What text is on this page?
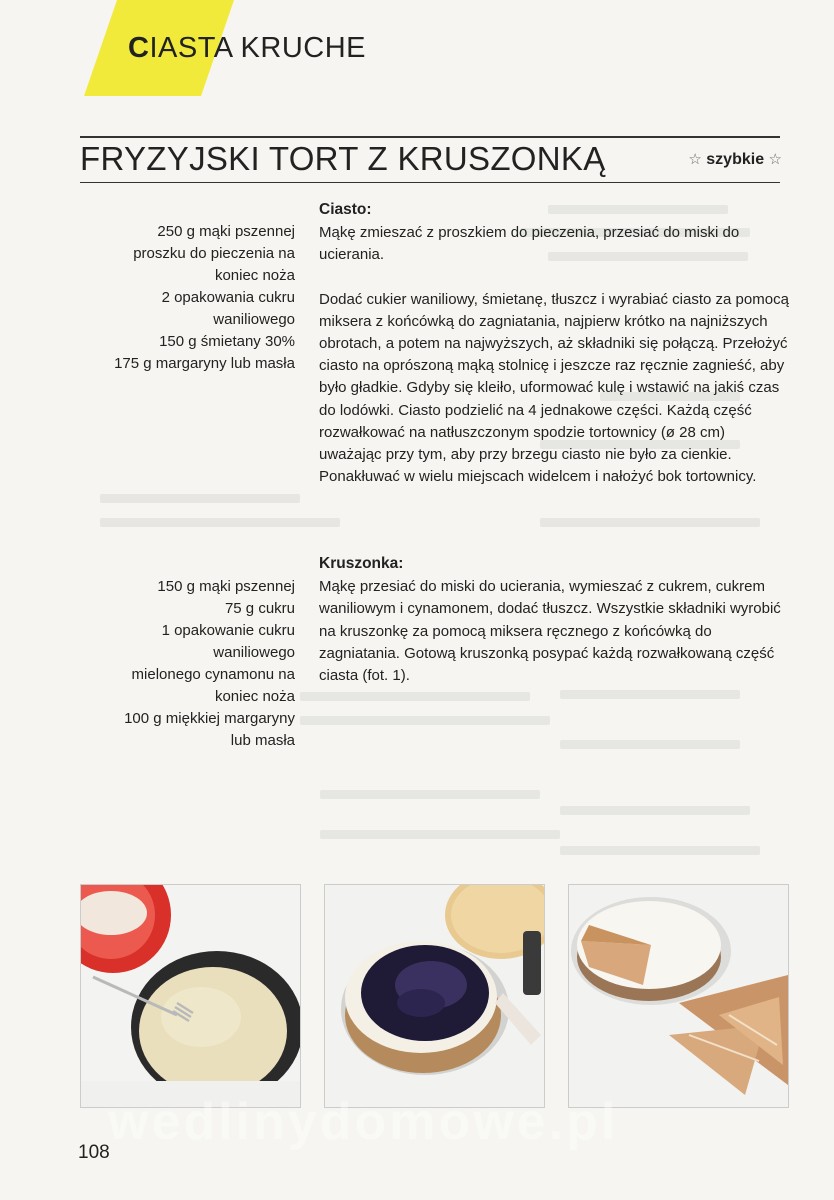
CIASTA KRUCHE
FRYZYJSKI TORT Z KRUSZONKĄ	☆ szybkie ☆

250 g mąki pszennej

proszku do pieczenia na

koniec noża

2 opakowania cukru

waniliowego

150 g śmietany 30%

175 g margaryny lub masła

Ciasto:

Mąkę zmieszać z proszkiem do pieczenia, przesiać do miski do ucierania.

Dodać cukier waniliowy, śmietanę, tłuszcz i wyrabiać ciasto za pomocą miksera z końcówką do zagniatania, najpierw krótko na najniższych obrotach, a potem na najwyższych, aż składniki się połączą. Przełożyć ciasto na oprószoną mąką stolnicę i jeszcze raz ręcznie zagnieść, aby było gładkie. Gdyby się kleiło, uformować kulę i wstawić na jakiś czas do lodówki. Ciasto podzielić na 4 jednakowe części. Każdą część rozwałkować na natłuszczonym spodzie tortownicy (ø 28 cm) uważając przy tym, aby przy brzegu ciasto nie było za cienkie. Ponakłuwać w wielu miejscach widelcem i nałożyć bok tortownicy.

150 g mąki pszennej

75 g cukru

1 opakowanie cukru

waniliowego

mielonego cynamonu na

koniec noża

100 g miękkiej margaryny

lub masła

Kruszonka:

Mąkę przesiać do miski do ucierania, wymieszać z cukrem, cukrem waniliowym i cynamonem, dodać tłuszcz. Wszystkie składniki wyrobić na kruszonkę za pomocą miksera ręcznego z końcówką do zagniatania. Gotową kruszonką posypać każdą rozwałkowaną część ciasta (fot. 1).

wedlinydomowe.pl
108
